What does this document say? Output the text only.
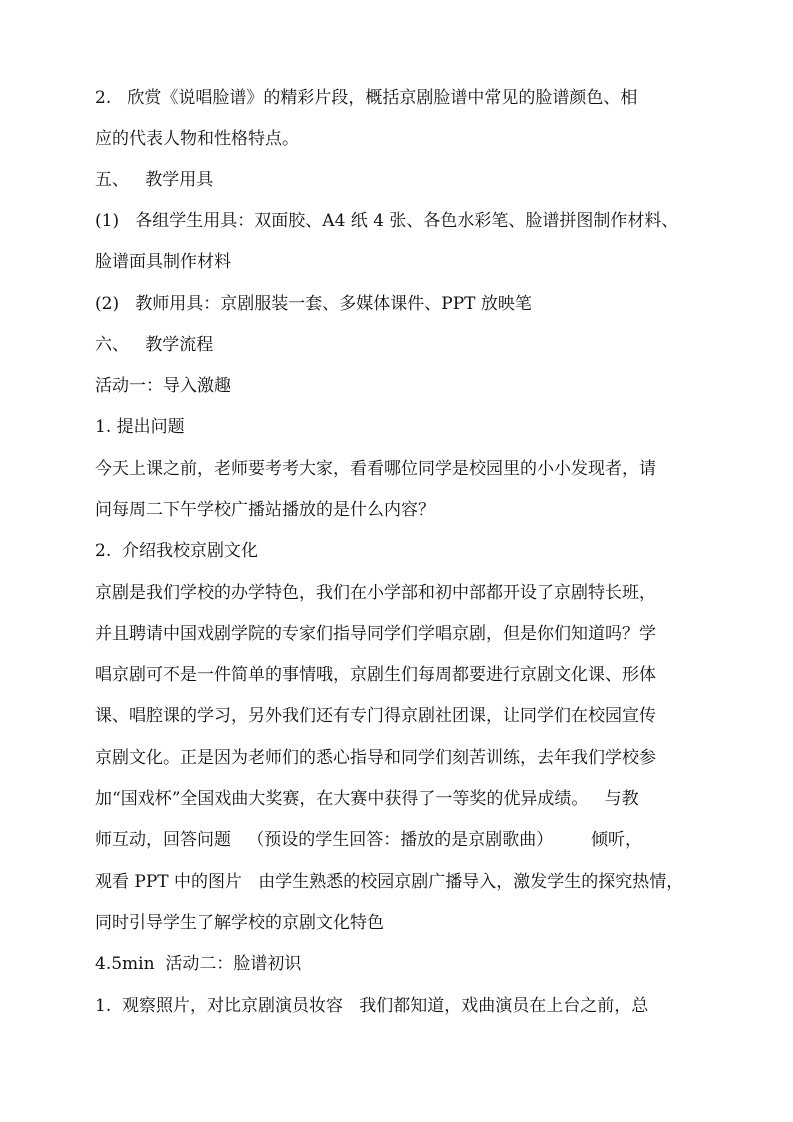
2.   欣赏《说唱脸谱》的精彩片段，概括京剧脸谱中常见的脸谱颜色、相
应的代表人物和性格特点。
五、   教学用具
(1)   各组学生用具：双面胶、A4 纸 4 张、各色水彩笔、脸谱拼图制作材料、
脸谱面具制作材料
(2)   教师用具：京剧服装一套、多媒体课件、PPT 放映笔
六、   教学流程
活动一：导入激趣
1. 提出问题
今天上课之前，老师要考考大家，看看哪位同学是校园里的小小发现者，请
问每周二下午学校广播站播放的是什么内容？
2.  介绍我校京剧文化
京剧是我们学校的办学特色，我们在小学部和初中部都开设了京剧特长班，
并且聘请中国戏剧学院的专家们指导同学们学唱京剧，但是你们知道吗？学
唱京剧可不是一件简单的事情哦，京剧生们每周都要进行京剧文化课、形体
课、唱腔课的学习，另外我们还有专门得京剧社团课，让同学们在校园宣传
京剧文化。正是因为老师们的悉心指导和同学们刻苦训练，去年我们学校参
加“国戏杯”全国戏曲大奖赛，在大赛中获得了一等奖的优异成绩。   与教
师互动，回答问题   （预设的学生回答：播放的是京剧歌曲）       倾听，
观看 PPT 中的图片   由学生熟悉的校园京剧广播导入，激发学生的探究热情，
同时引导学生了解学校的京剧文化特色
4.5min  活动二：脸谱初识
1.  观察照片，对比京剧演员妆容   我们都知道，戏曲演员在上台之前，总
